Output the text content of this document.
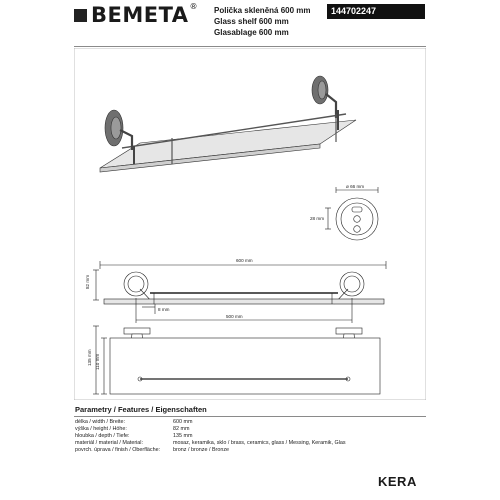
BEMETA ® Polička skleněná 600 mm
Glass shelf 600 mm
Glasablage 600 mm
144702247
ø 66 mm
28 mm
600 mm
82 mm
8 mm
500 mm
135 mm 110 mm
Parametry / Features / Eigenschaften
délka / width / Breite:	600 mm
výška / height / Höhe:	82 mm
hloubka / depth / Tiefe:	135 mm
materiál / material / Material:	mosaz, keramika, sklo / brass, ceramics, glass / Messing, Keramik, Glas
povrch. úprava / finish / Oberfläche:	bronz / bronze / Bronze
KERA
